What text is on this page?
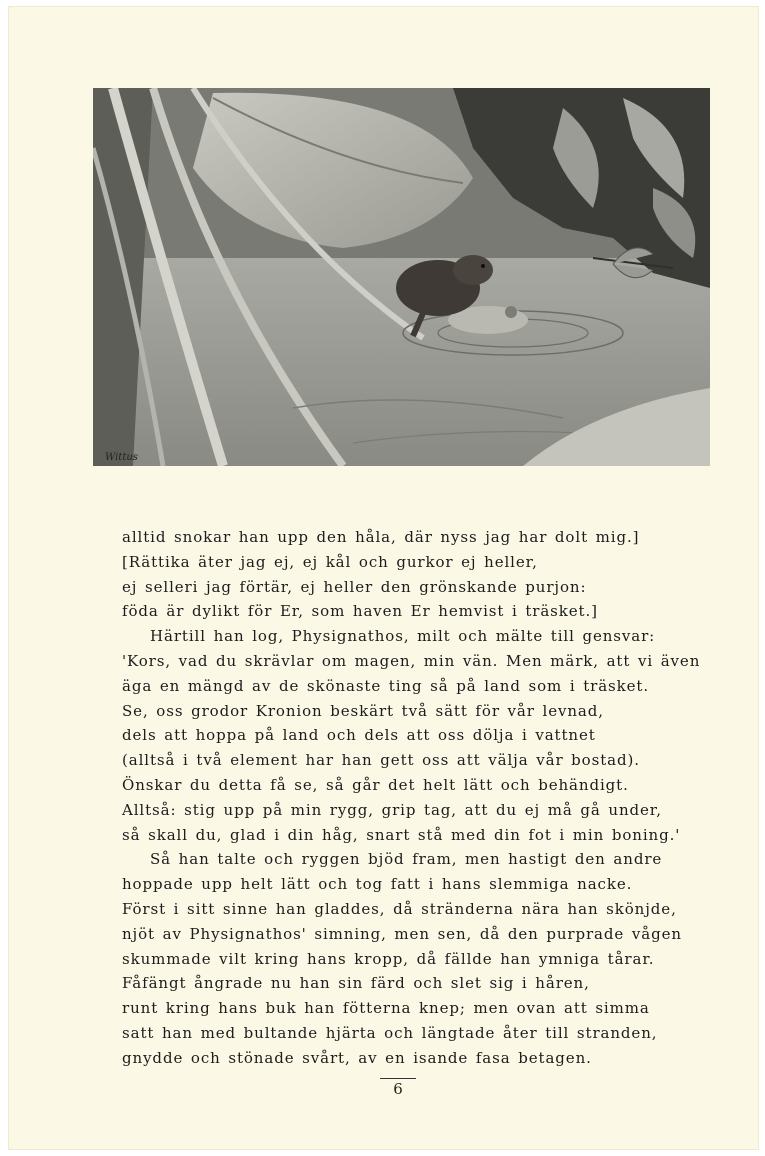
Wittus
alltid snokar han upp den håla, där nyss jag har dolt mig.]
[Rättika äter jag ej, ej kål och gurkor ej heller,
ej selleri jag förtär, ej heller den grönskande purjon:
föda är dylikt för Er, som haven Er hemvist i träsket.]
Härtill han log, Physignathos, milt och mälte till gensvar:
'Kors, vad du skrävlar om magen, min vän. Men märk, att vi även
äga en mängd av de skönaste ting så på land som i träsket.
Se, oss grodor Kronion beskärt två sätt för vår levnad,
dels att hoppa på land och dels att oss dölja i vattnet
(alltså i två element har han gett oss att välja vår bostad).
Önskar du detta få se, så går det helt lätt och behändigt.
Alltså: stig upp på min rygg, grip tag, att du ej må gå under,
så skall du, glad i din håg, snart stå med din fot i min boning.'
Så han talte och ryggen bjöd fram, men hastigt den andre
hoppade upp helt lätt och tog fatt i hans slemmiga nacke.
Först i sitt sinne han gladdes, då stränderna nära han skönjde,
njöt av Physignathos' simning, men sen, då den purprade vågen
skummade vilt kring hans kropp, då fällde han ymniga tårar.
Fåfängt ångrade nu han sin färd och slet sig i håren,
runt kring hans buk han fötterna knep; men ovan att simma
satt han med bultande hjärta och längtade åter till stranden,
gnydde och stönade svårt, av en isande fasa betagen.
6
